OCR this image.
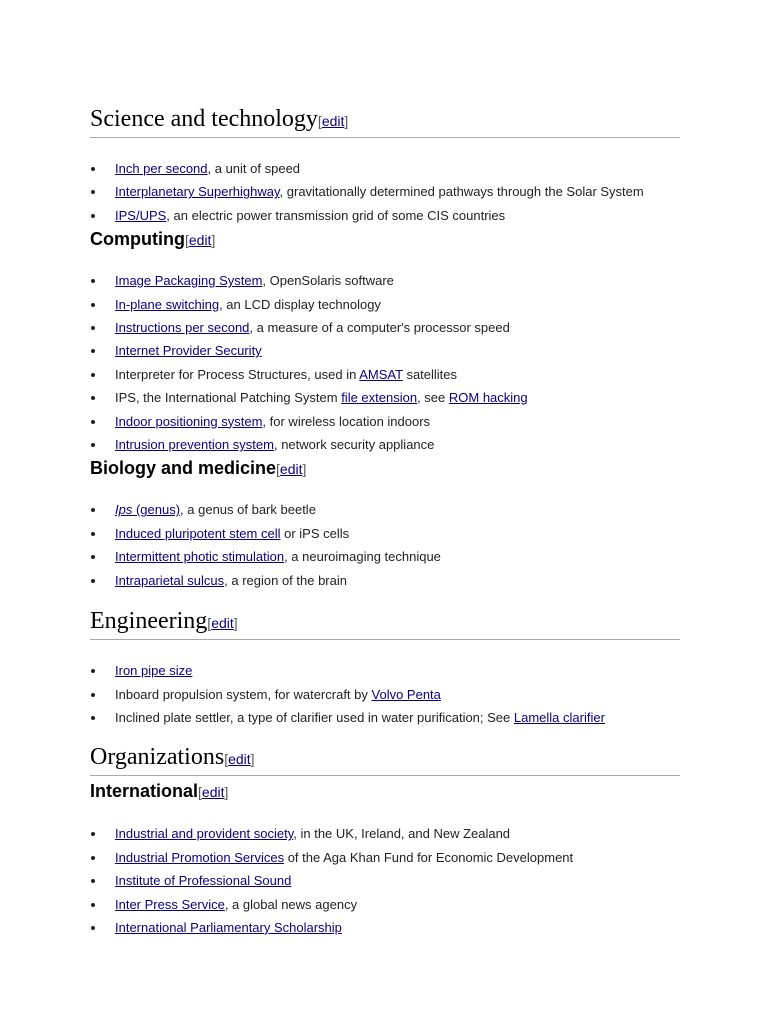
Science and technology[edit]
Inch per second, a unit of speed
Interplanetary Superhighway, gravitationally determined pathways through the Solar System
IPS/UPS, an electric power transmission grid of some CIS countries
Computing[edit]
Image Packaging System, OpenSolaris software
In-plane switching, an LCD display technology
Instructions per second, a measure of a computer's processor speed
Internet Provider Security
Interpreter for Process Structures, used in AMSAT satellites
IPS, the International Patching System file extension, see ROM hacking
Indoor positioning system, for wireless location indoors
Intrusion prevention system, network security appliance
Biology and medicine[edit]
Ips (genus), a genus of bark beetle
Induced pluripotent stem cell or iPS cells
Intermittent photic stimulation, a neuroimaging technique
Intraparietal sulcus, a region of the brain
Engineering[edit]
Iron pipe size
Inboard propulsion system, for watercraft by Volvo Penta
Inclined plate settler, a type of clarifier used in water purification; See Lamella clarifier
Organizations[edit]
International[edit]
Industrial and provident society, in the UK, Ireland, and New Zealand
Industrial Promotion Services of the Aga Khan Fund for Economic Development
Institute of Professional Sound
Inter Press Service, a global news agency
International Parliamentary Scholarship
